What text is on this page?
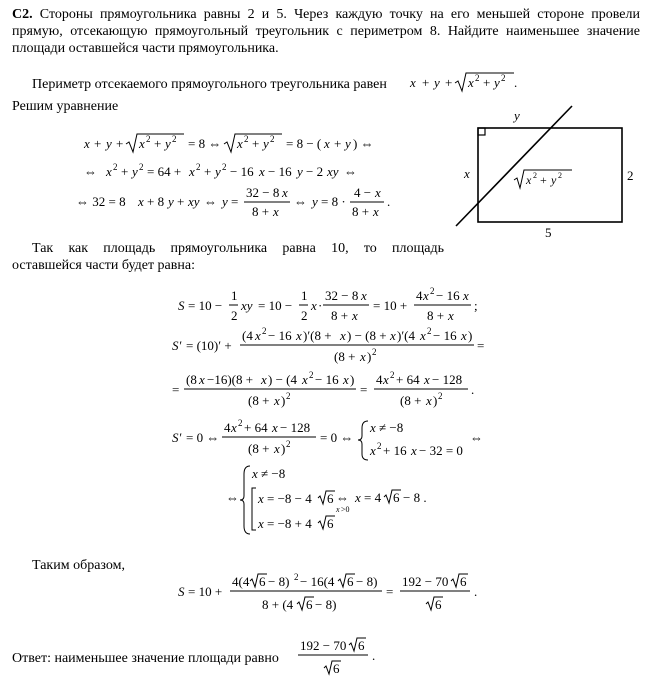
C2. Стороны прямоугольника равны 2 и 5. Через каждую точку на его меньшей стороне провели
прямую, отсекающую прямоугольный треугольник с периметром 8. Найдите наименьшее значение
площади оставшейся части прямоугольника.
Периметр отсекаемого прямоугольного треугольника равен x + y + x 2 + y 2 .
Решим уравнение
x + y + x 2 + y 2 = 8 ⇔ x 2 + y 2 = 8 − ( x + y ) ⇔
⇔ x 2 + y 2 = 64 + x 2 + y 2 − 16 x − 16 y − 2 xy ⇔
⇔ 32 = 8 x + 8 y + xy ⇔ y =
32 − 8 x
8 + x
⇔ y = 8 ·
4 − x
8 + x
.
y
x	2
5
x 2 + y 2
Так как площадь прямоугольника равна 10, то площадь
оставшейся части будет равна:
S = 10 −
1
2
xy = 10 −
1
2
x ·
32 − 8 x
8 + x
= 10 +
4 x 2 − 16 x
8 + x
;
S′ = (10)′ +
(4 x 2 − 16 x )′(8 + x ) − (8 + x )′(4 x 2 − 16 x )
(8 + x ) 2	=
=
(8 x −16)(8 + x ) − (4 x 2 − 16 x )
(8 + x ) 2	=
4 x 2 + 64 x − 128
(8 + x ) 2 .
S′ = 0 ⇔
4 x 2 + 64 x − 128
(8 + x ) 2 = 0 ⇔
x ≠ −8
x 2 + 16 x − 32 = 0
⇔
⇔
x ≠ −8
x = −8 − 4 6 ⇔
x >0
x = 4 6 − 8 .
x = −8 + 4 6
Таким образом,
S = 10 +
4(4 6 − 8) 2 − 16(4 6 − 8)
8 + (4 6 − 8)
=
192 − 70 6
6
.
Ответ: наименьшее значение площади равно
192 − 70 6
6
.
